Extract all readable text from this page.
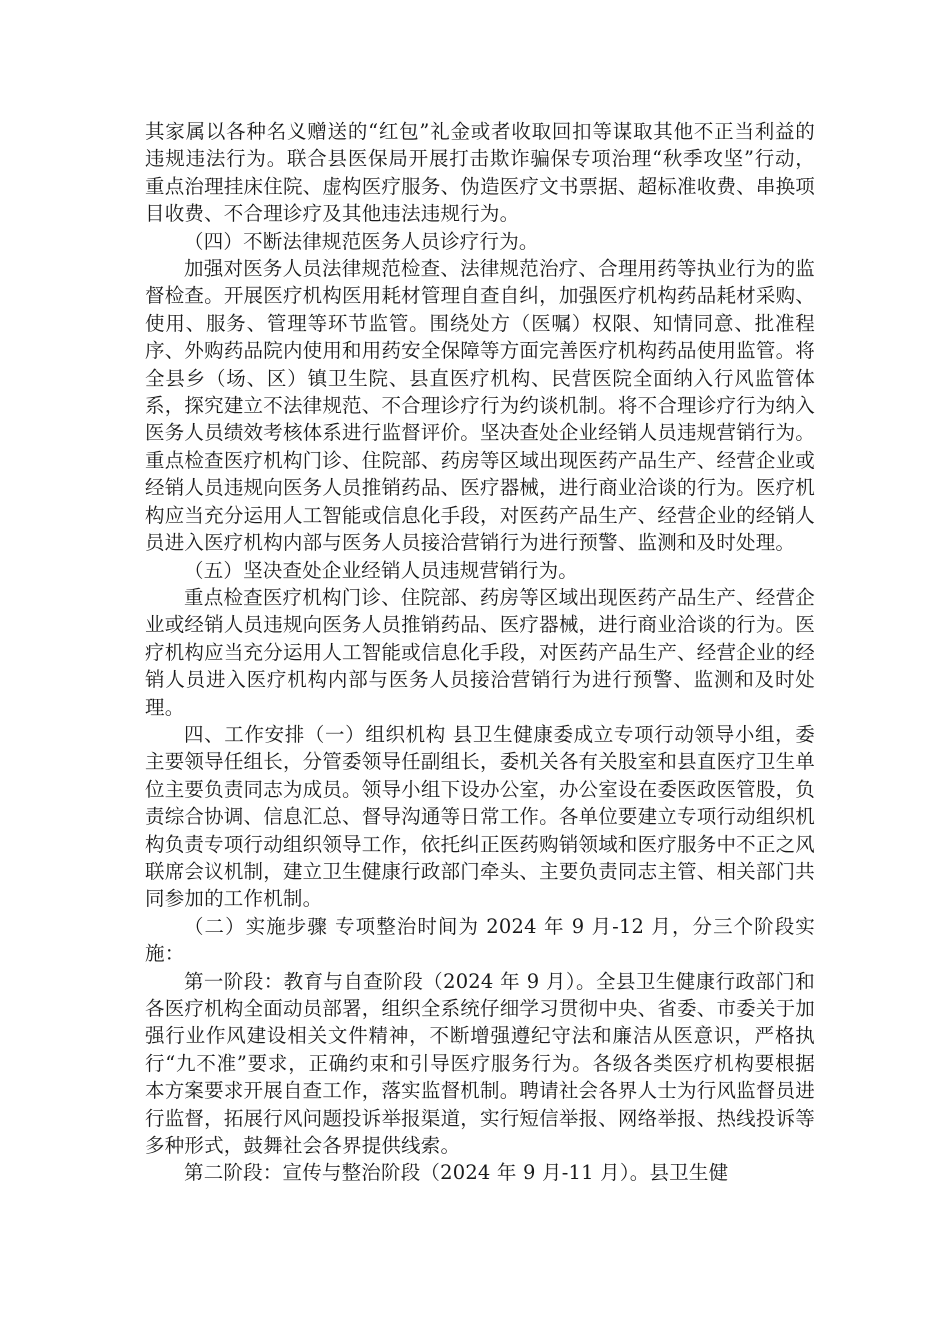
其家属以各种名义赠送的“红包”礼金或者收取回扣等谋取其他不正当利益的违规违法行为。联合县医保局开展打击欺诈骗保专项治理“秋季攻坚”行动，重点治理挂床住院、虚构医疗服务、伪造医疗文书票据、超标准收费、串换项目收费、不合理诊疗及其他违法违规行为。

（四）不断法律规范医务人员诊疗行为。

加强对医务人员法律规范检查、法律规范治疗、合理用药等执业行为的监督检查。开展医疗机构医用耗材管理自查自纠，加强医疗机构药品耗材采购、使用、服务、管理等环节监管。围绕处方（医嘱）权限、知情同意、批准程序、外购药品院内使用和用药安全保障等方面完善医疗机构药品使用监管。将全县乡（场、区）镇卫生院、县直医疗机构、民营医院全面纳入行风监管体系，探究建立不法律规范、不合理诊疗行为约谈机制。将不合理诊疗行为纳入医务人员绩效考核体系进行监督评价。坚决查处企业经销人员违规营销行为。重点检查医疗机构门诊、住院部、药房等区域出现医药产品生产、经营企业或经销人员违规向医务人员推销药品、医疗器械，进行商业洽谈的行为。医疗机构应当充分运用人工智能或信息化手段，对医药产品生产、经营企业的经销人员进入医疗机构内部与医务人员接洽营销行为进行预警、监测和及时处理。

（五）坚决查处企业经销人员违规营销行为。

重点检查医疗机构门诊、住院部、药房等区域出现医药产品生产、经营企业或经销人员违规向医务人员推销药品、医疗器械，进行商业洽谈的行为。医疗机构应当充分运用人工智能或信息化手段，对医药产品生产、经营企业的经销人员进入医疗机构内部与医务人员接洽营销行为进行预警、监测和及时处理。

四、工作安排（一）组织机构 县卫生健康委成立专项行动领导小组，委主要领导任组长，分管委领导任副组长，委机关各有关股室和县直医疗卫生单位主要负责同志为成员。领导小组下设办公室，办公室设在委医政医管股，负责综合协调、信息汇总、督导沟通等日常工作。各单位要建立专项行动组织机构负责专项行动组织领导工作，依托纠正医药购销领域和医疗服务中不正之风联席会议机制，建立卫生健康行政部门牵头、主要负责同志主管、相关部门共同参加的工作机制。

（二）实施步骤 专项整治时间为 2024 年 9 月-12 月，分三个阶段实施：

第一阶段：教育与自查阶段（2024 年 9 月）。全县卫生健康行政部门和各医疗机构全面动员部署，组织全系统仔细学习贯彻中央、省委、市委关于加强行业作风建设相关文件精神，不断增强遵纪守法和廉洁从医意识，严格执行“九不准”要求，正确约束和引导医疗服务行为。各级各类医疗机构要根据本方案要求开展自查工作，落实监督机制。聘请社会各界人士为行风监督员进行监督，拓展行风问题投诉举报渠道，实行短信举报、网络举报、热线投诉等多种形式，鼓舞社会各界提供线索。

第二阶段：宣传与整治阶段（2024 年 9 月-11 月）。县卫生健
